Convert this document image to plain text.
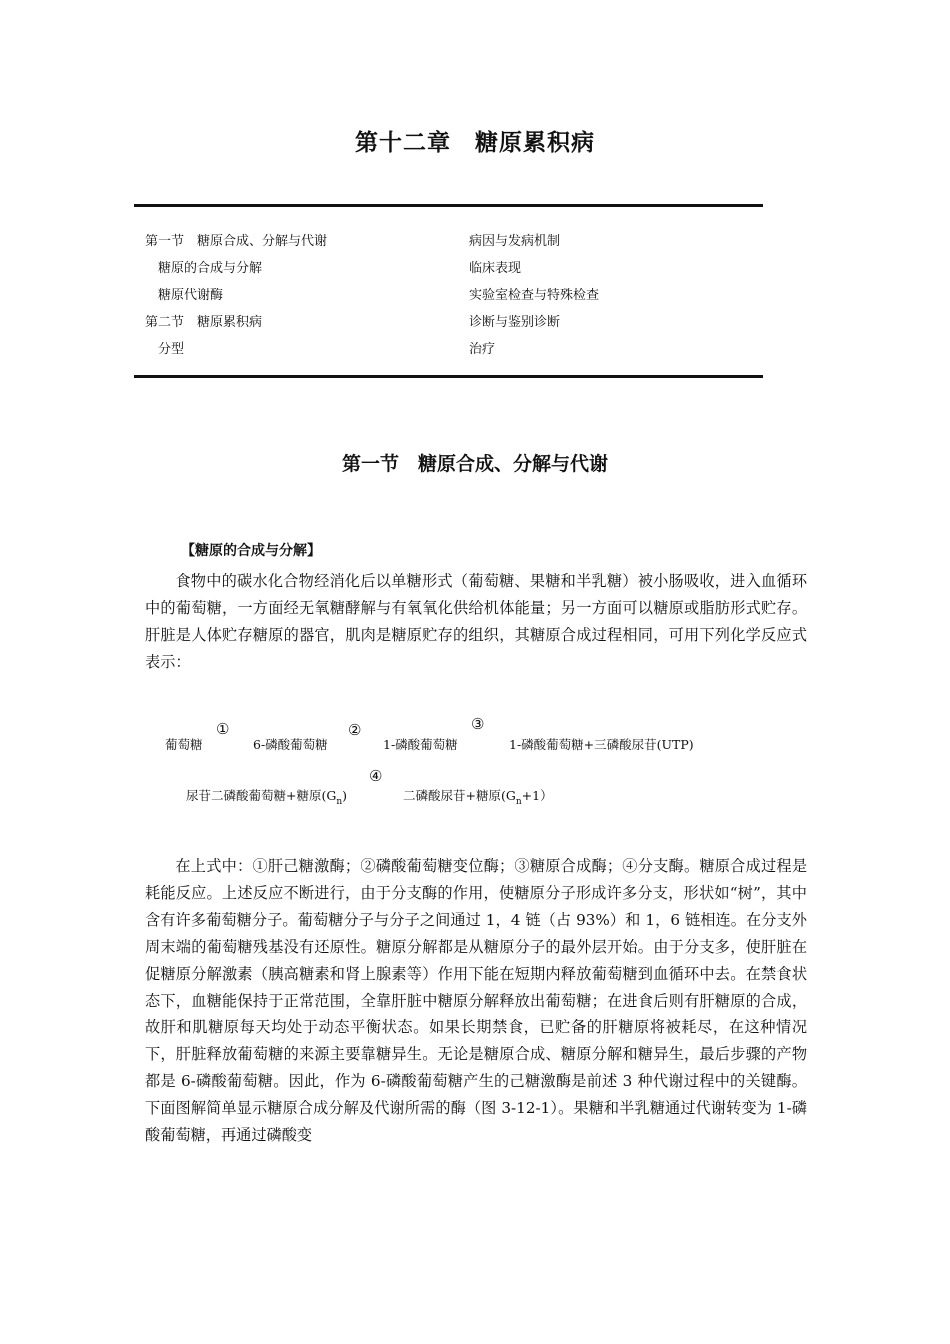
第十二章　糖原累积病
第一节　糖原合成、分解与代谢
糖原的合成与分解
糖原代谢酶
第二节　糖原累积病
分型
病因与发病机制
临床表现
实验室检查与特殊检查
诊断与鉴别诊断
治疗
第一节　糖原合成、分解与代谢
【糖原的合成与分解】

食物中的碳水化合物经消化后以单糖形式（葡萄糖、果糖和半乳糖）被小肠吸收，进入血循环中的葡萄糖，一方面经无氧糖酵解与有氧氧化供给机体能量；另一方面可以糖原或脂肪形式贮存。肝脏是人体贮存糖原的器官，肌肉是糖原贮存的组织，其糖原合成过程相同，可用下列化学反应式表示：

葡萄糖
①
6-磷酸葡萄糖
②
1-磷酸葡萄糖
③
1-磷酸葡萄糖+三磷酸尿苷(UTP)
尿苷二磷酸葡萄糖+糖原$(G_n)$
④
二磷酸尿苷+糖原$(G_n+1)$

在上式中：①肝己糖激酶；②磷酸葡萄糖变位酶；③糖原合成酶；④分支酶。糖原合成过程是耗能反应。上述反应不断进行，由于分支酶的作用，使糖原分子形成许多分支，形状如“树”，其中含有许多葡萄糖分子。葡萄糖分子与分子之间通过 1，4 链（占 93%）和 1，6 链相连。在分支外周末端的葡萄糖残基没有还原性。糖原分解都是从糖原分子的最外层开始。由于分支多，使肝脏在促糖原分解激素（胰高糖素和肾上腺素等）作用下能在短期内释放葡萄糖到血循环中去。在禁食状态下，血糖能保持于正常范围，全靠肝脏中糖原分解释放出葡萄糖；在进食后则有肝糖原的合成，故肝和肌糖原每天均处于动态平衡状态。如果长期禁食，已贮备的肝糖原将被耗尽，在这种情况下，肝脏释放葡萄糖的来源主要靠糖异生。无论是糖原合成、糖原分解和糖异生，最后步骤的产物都是 6-磷酸葡萄糖。因此，作为 6-磷酸葡萄糖产生的己糖激酶是前述 3 种代谢过程中的关键酶。下面图解简单显示糖原合成分解及代谢所需的酶（图 3-12-1）。果糖和半乳糖通过代谢转变为 1-磷酸葡萄糖，再通过磷酸变
